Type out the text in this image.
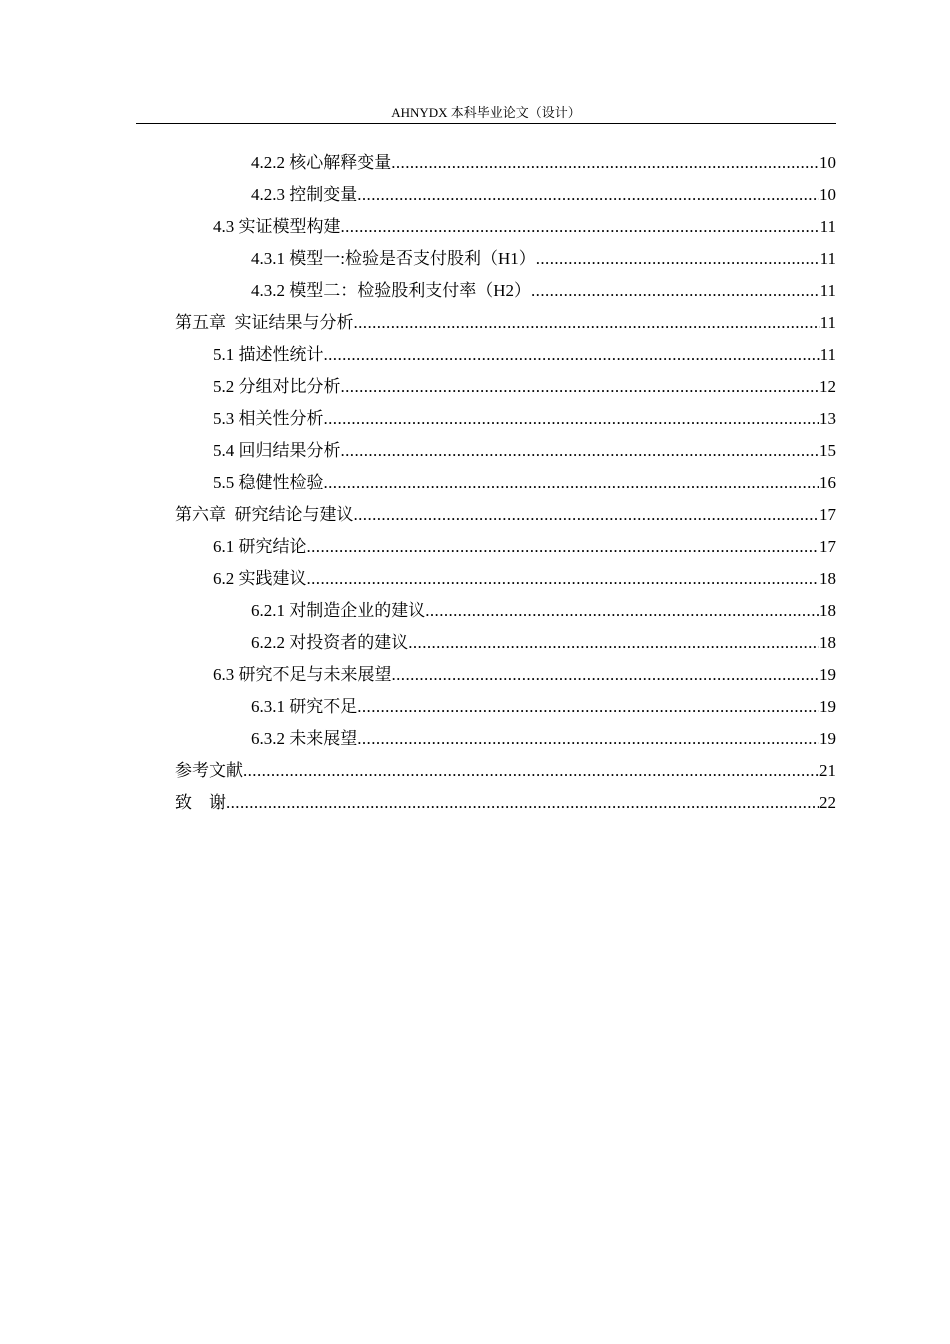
AHNYDX 本科毕业论文（设计）
4.2.2 核心解释变量 .....	10
4.2.3 控制变量 .....	10
4.3 实证模型构建 .....	11
4.3.1 模型一:检验是否支付股利（H1） .....	11
4.3.2 模型二：检验股利支付率（H2） .....	11
第五章  实证结果与分析 .....	11
5.1 描述性统计 .....	11
5.2 分组对比分析 .....	12
5.3 相关性分析 .....	13
5.4 回归结果分析 .....	15
5.5 稳健性检验 .....	16
第六章  研究结论与建议 .....	17
6.1 研究结论 .....	17
6.2 实践建议 .....	18
6.2.1 对制造企业的建议 .....	18
6.2.2 对投资者的建议 .....	18
6.3 研究不足与未来展望 .....	19
6.3.1 研究不足 .....	19
6.3.2 未来展望 .....	19
参考文献 .....	21
致    谢 .....	22
